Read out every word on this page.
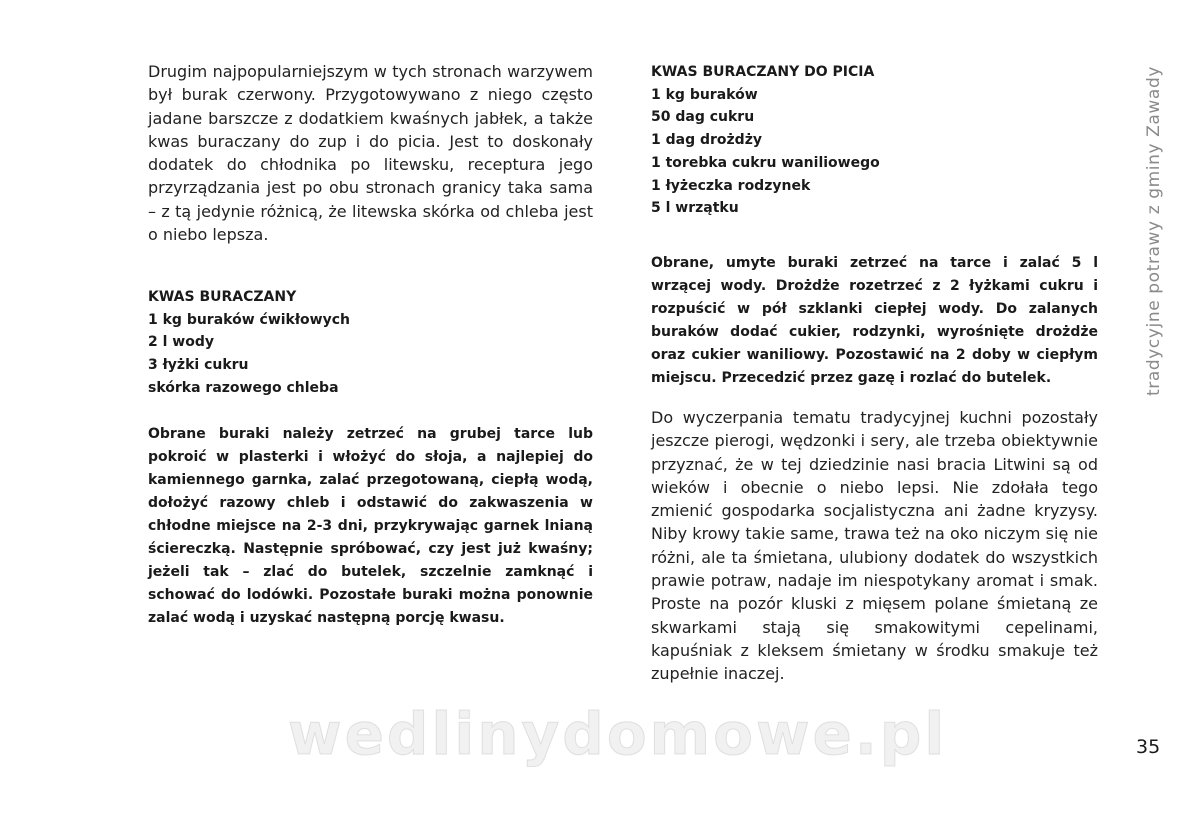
Drugim najpopularniejszym w tych stronach warzywem był burak czerwony. Przygotowywano z niego często jadane barszcze z dodatkiem kwaśnych jabłek, a także kwas buraczany do zup i do picia. Jest to doskonały dodatek do chłodnika po litewsku, receptura jego przyrządzania jest po obu stronach granicy taka sama – z tą jedynie różnicą, że litewska skórka od chleba jest o niebo lepsza.

KWAS BURACZANY
1 kg buraków ćwikłowych
2 l wody
3 łyżki cukru
skórka razowego chleba

Obrane buraki należy zetrzeć na grubej tarce lub pokroić w plasterki i włożyć do słoja, a najlepiej do kamiennego garnka, zalać przegotowaną, ciepłą wodą, dołożyć razowy chleb i odstawić do zakwaszenia w chłodne miejsce na 2-3 dni, przykrywając garnek lnianą ściereczką. Następnie spróbować, czy jest już kwaśny; jeżeli tak – zlać do butelek, szczelnie zamknąć i schować do lodówki. Pozostałe buraki można ponownie zalać wodą i uzyskać następną porcję kwasu.

KWAS BURACZANY DO PICIA
1 kg buraków
50 dag cukru
1 dag drożdży
1 torebka cukru waniliowego
1 łyżeczka rodzynek
5 l wrzątku

Obrane, umyte buraki zetrzeć na tarce i zalać 5 l wrzącej wody. Drożdże rozetrzeć z 2 łyżkami cukru i rozpuścić w pół szklanki ciepłej wody. Do zalanych buraków dodać cukier, rodzynki, wyrośnięte drożdże oraz cukier waniliowy. Pozostawić na 2 doby w ciepłym miejscu. Przecedzić przez gazę i rozlać do butelek.

Do wyczerpania tematu tradycyjnej kuchni pozostały jeszcze pierogi, wędzonki i sery, ale trzeba obiektywnie przyznać, że w tej dziedzinie nasi bracia Litwini są od wieków i obecnie o niebo lepsi. Nie zdołała tego zmienić gospodarka socjalistyczna ani żadne kryzysy. Niby krowy takie same, trawa też na oko niczym się nie różni, ale ta śmietana, ulubiony dodatek do wszystkich prawie potraw, nadaje im niespotykany aromat i smak. Proste na pozór kluski z mięsem polane śmietaną ze skwarkami stają się smakowitymi cepelinami, kapuśniak z kleksem śmietany w środku smakuje też zupełnie inaczej.

tradycyjne potrawy z gminy Zawady
35
wedlinydomowe.pl
